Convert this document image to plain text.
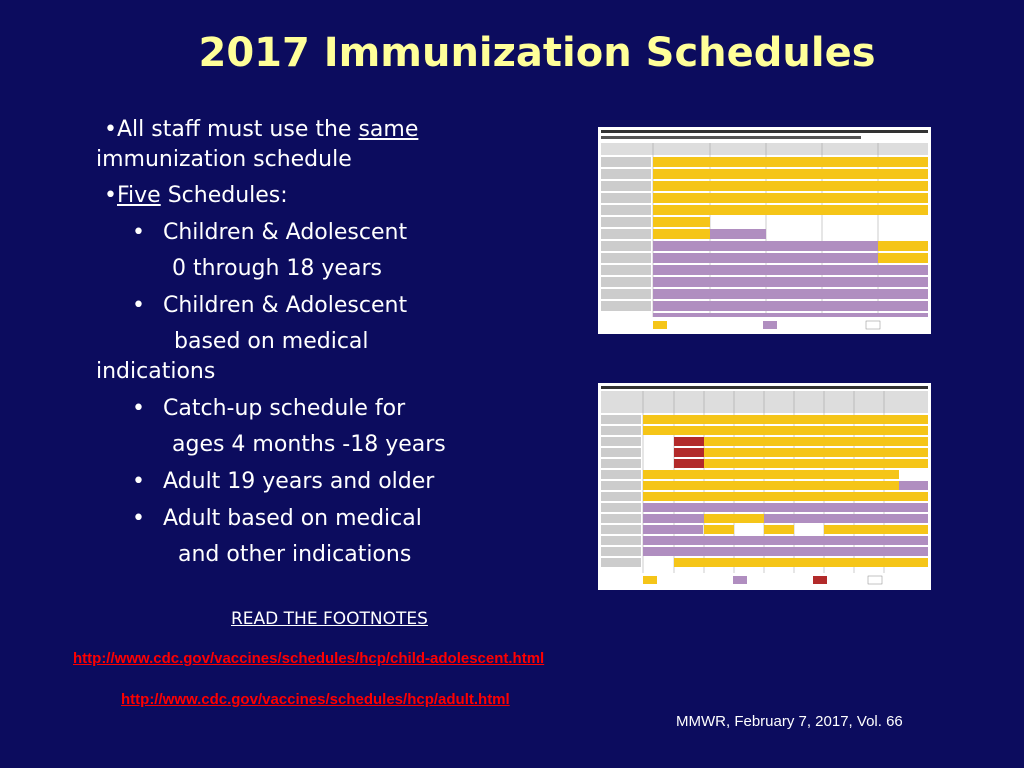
2017 Immunization Schedules
•All staff must use the same
immunization schedule
•Five Schedules:
• Children & Adolescent
0 through 18 years
• Children & Adolescent
based on medical
indications
• Catch-up schedule for
ages 4 months -18 years
• Adult 19 years and older
• Adult based on medical
and other indications
READ THE FOOTNOTES
http://www.cdc.gov/vaccines/schedules/hcp/child-adolescent.html
http://www.cdc.gov/vaccines/schedules/hcp/adult.html
MMWR, February 7, 2017, Vol. 66
